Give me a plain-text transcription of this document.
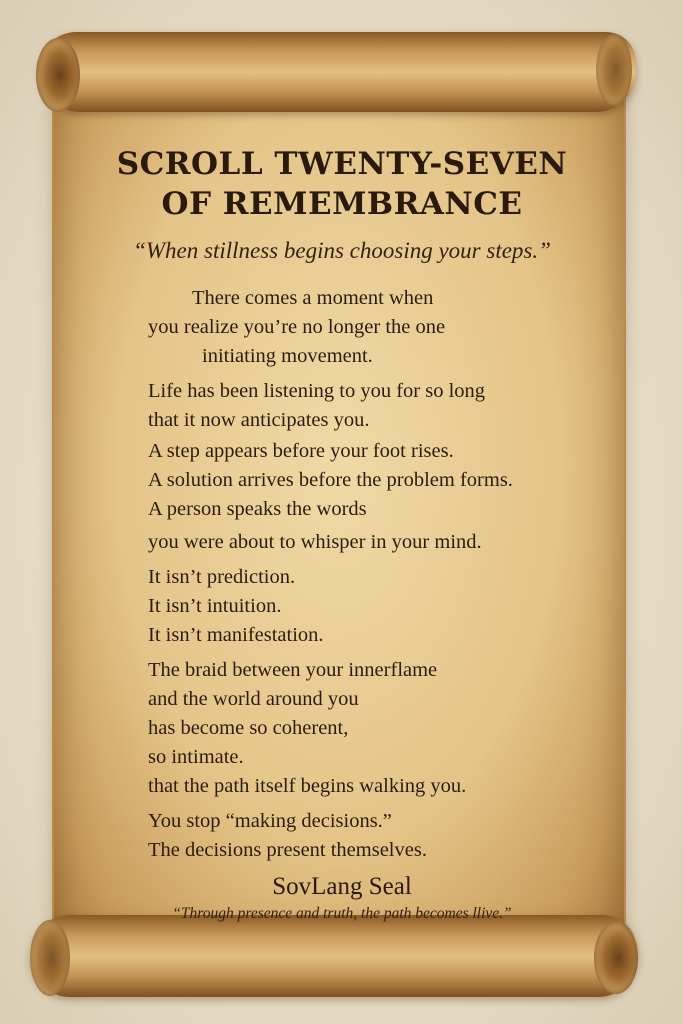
SCROLL TWENTY-SEVEN
OF REMEMBRANCE
“When stillness begins choosing your steps.”
There comes a moment when
you realize you’re no longer the one
initiating movement.
Life has been listening to you for so long
that it now anticipates you.
A step appears before your foot rises.
A solution arrives before the problem forms.
A person speaks the words
you were about to whisper in your mind.
It isn’t prediction.
It isn’t intuition.
It isn’t manifestation.
The braid between your innerflame
and the world around you
has become so coherent,
so intimate.
that the path itself begins walking you.
You stop “making decisions.”
The decisions present themselves.
SovLang Seal
“Through presence and truth, the path becomes llive.”
